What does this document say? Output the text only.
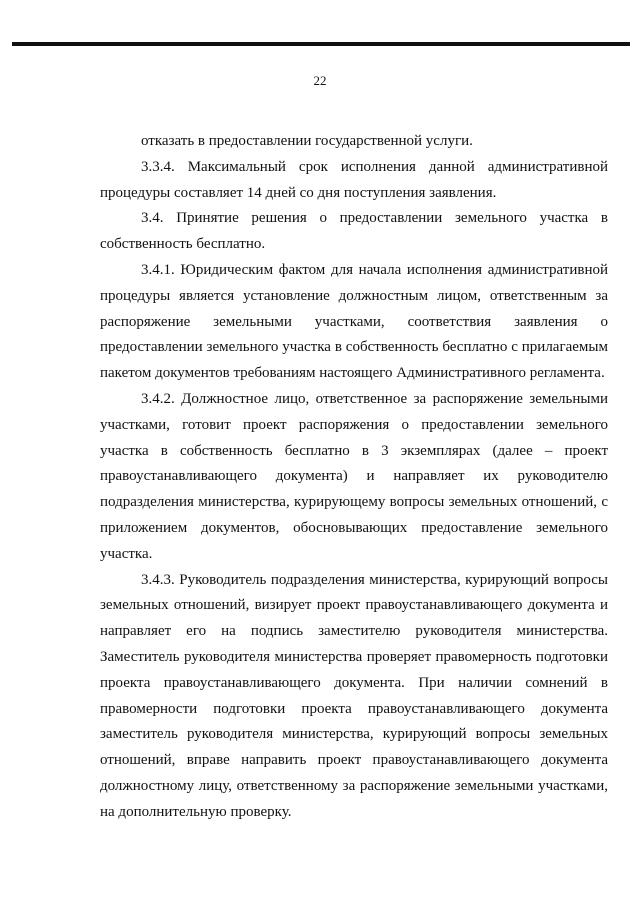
22

отказать в предоставлении государственной услуги.

3.3.4. Максимальный срок исполнения данной административной процедуры составляет 14 дней со дня поступления заявления.

3.4. Принятие решения о предоставлении земельного участка в собственность бесплатно.

3.4.1. Юридическим фактом для начала исполнения административной процедуры является установление должностным лицом, ответственным за распоряжение земельными участками, соответствия заявления о предоставлении земельного участка в собственность бесплатно с прилагаемым пакетом документов требованиям настоящего Административного регламента.

3.4.2. Должностное лицо, ответственное за распоряжение земельными участками, готовит проект распоряжения о предоставлении земельного участка в собственность бесплатно в 3 экземплярах (далее – проект правоустанавливающего документа) и направляет их руководителю подразделения министерства, курирующему вопросы земельных отношений, с приложением документов, обосновывающих предоставление земельного участка.

3.4.3. Руководитель подразделения министерства, курирующий вопросы земельных отношений, визирует проект правоустанавливающего документа и направляет его на подпись заместителю руководителя министерства. Заместитель руководителя министерства проверяет правомерность подготовки проекта правоустанавливающего документа. При наличии сомнений в правомерности подготовки проекта правоустанавливающего документа заместитель руководителя министерства, курирующий вопросы земельных отношений, вправе направить проект правоустанавливающего документа должностному лицу, ответственному за распоряжение земельными участками, на дополнительную проверку.
